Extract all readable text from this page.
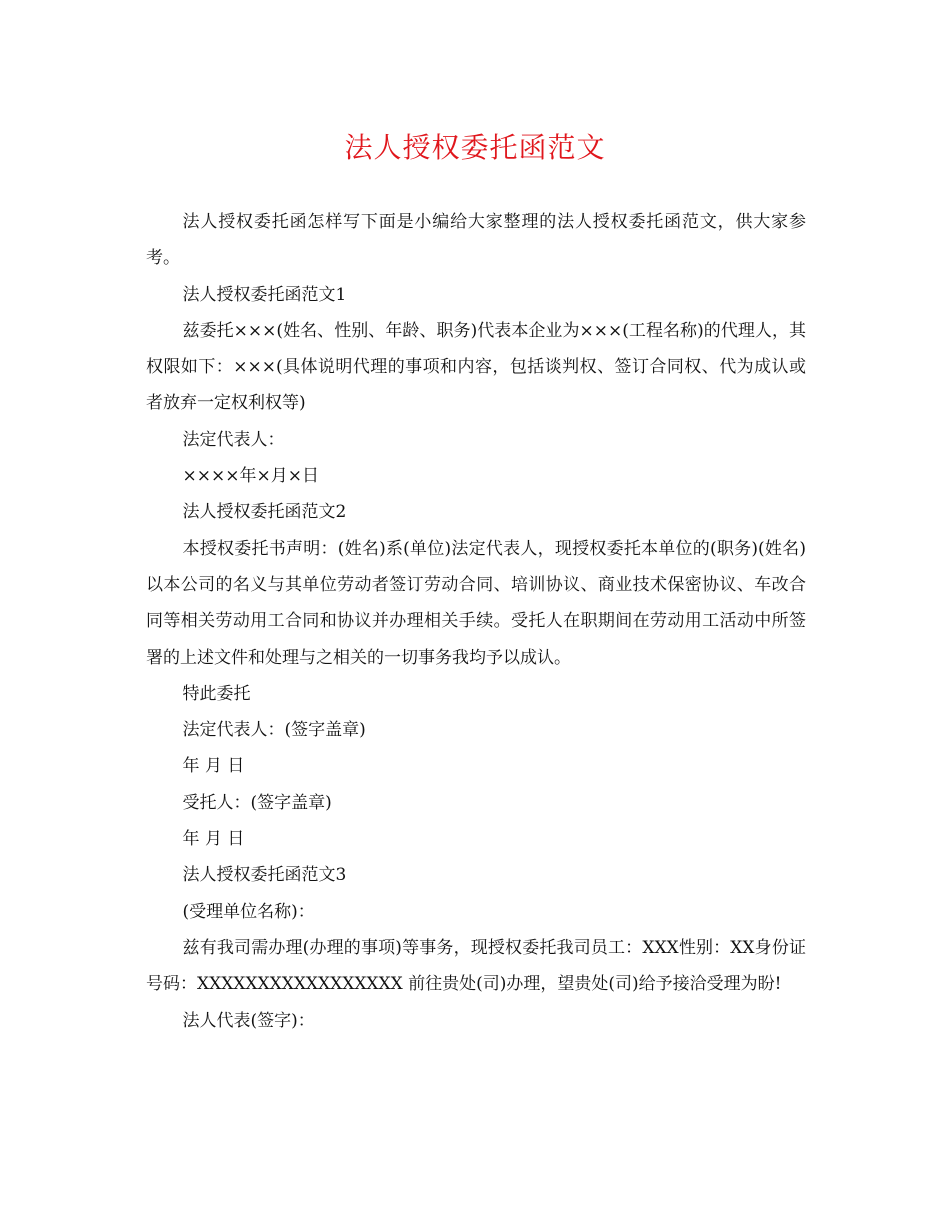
法人授权委托函范文

法人授权委托函怎样写下面是小编给大家整理的法人授权委托函范文，供大家参考。

法人授权委托函范文1

兹委托×××(姓名、性别、年龄、职务)代表本企业为×××(工程名称)的代理人，其权限如下：×××(具体说明代理的事项和内容，包括谈判权、签订合同权、代为成认或者放弃一定权利权等)

法定代表人：

××××年×月×日

法人授权委托函范文2

本授权委托书声明：(姓名)系(单位)法定代表人，现授权委托本单位的(职务)(姓名)以本公司的名义与其单位劳动者签订劳动合同、培训协议、商业技术保密协议、车改合同等相关劳动用工合同和协议并办理相关手续。受托人在职期间在劳动用工活动中所签署的上述文件和处理与之相关的一切事务我均予以成认。

特此委托

法定代表人：(签字盖章)

年 月 日

受托人：(签字盖章)

年 月 日

法人授权委托函范文3

(受理单位名称)：

兹有我司需办理(办理的事项)等事务，现授权委托我司员工：XXX性别：XX身份证号码：XXXXXXXXXXXXXXXXX 前往贵处(司)办理，望贵处(司)给予接洽受理为盼!

法人代表(签字)：
